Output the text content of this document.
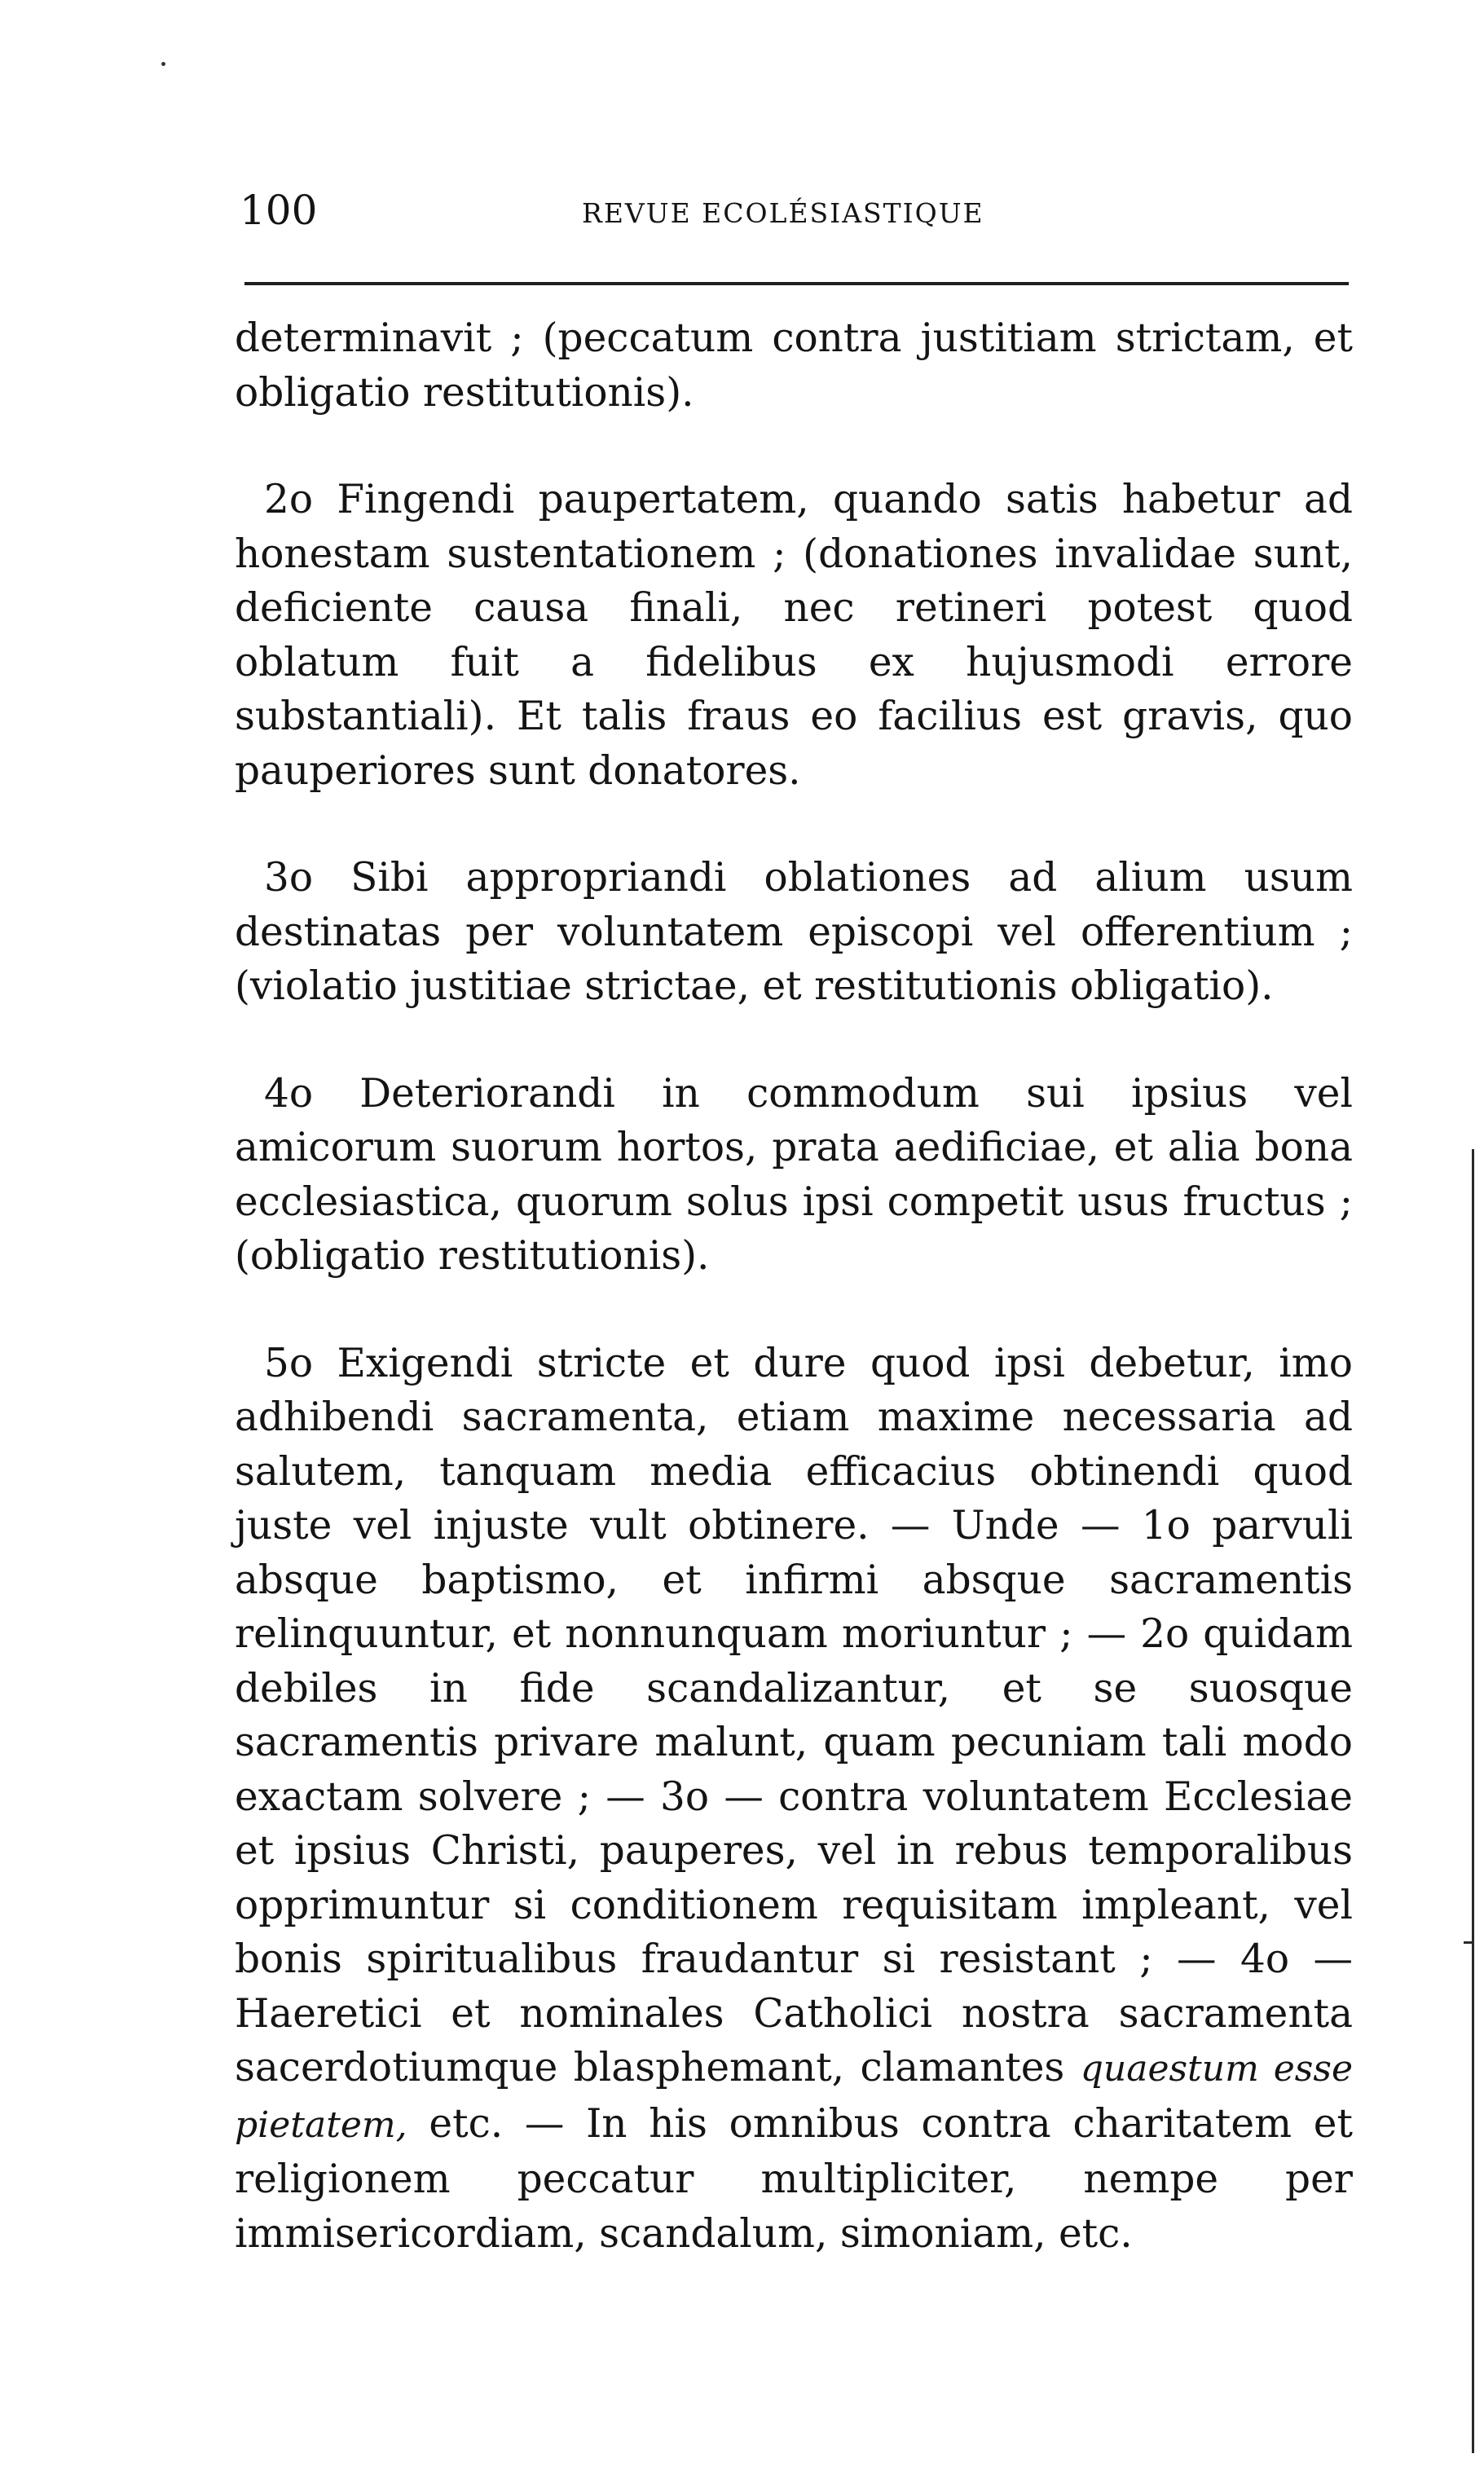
100	REVUE ECOLÉSIASTIQUE

determinavit ; (peccatum contra justitiam strictam, et obligatio restitutionis).

2o Fingendi paupertatem, quando satis habetur ad honestam sustentationem ; (donationes invalidae sunt, deficiente causa finali, nec retineri potest quod oblatum fuit a fidelibus ex hujusmodi errore substantiali). Et talis fraus eo facilius est gravis, quo pauperiores sunt donatores.

3o Sibi appropriandi oblationes ad alium usum destinatas per voluntatem episcopi vel offerentium ; (violatio justitiae strictae, et restitutionis obligatio).

4o Deteriorandi in commodum sui ipsius vel amicorum suorum hortos, prata aedificiae, et alia bona ecclesiastica, quorum solus ipsi competit usus fructus ; (obligatio restitutionis).

5o Exigendi stricte et dure quod ipsi debetur, imo adhibendi sacramenta, etiam maxime necessaria ad salutem, tanquam media efficacius obtinendi quod juste vel injuste vult obtinere. — Unde — 1o parvuli absque baptismo, et infirmi absque sacramentis relinquuntur, et nonnunquam moriuntur ; — 2o quidam debiles in fide scandalizantur, et se suosque sacramentis privare malunt, quam pecuniam tali modo exactam solvere ; — 3o — contra voluntatem Ecclesiae et ipsius Christi, pauperes, vel in rebus temporalibus opprimuntur si conditionem requisitam impleant, vel bonis spiritualibus fraudantur si resistant ; — 4o — Haeretici et nominales Catholici nostra sacramenta sacerdotiumque blasphemant, clamantes quaestum esse pietatem, etc. — In his omnibus contra charitatem et religionem peccatur multipliciter, nempe per immisericordiam, scandalum, simoniam, etc.
